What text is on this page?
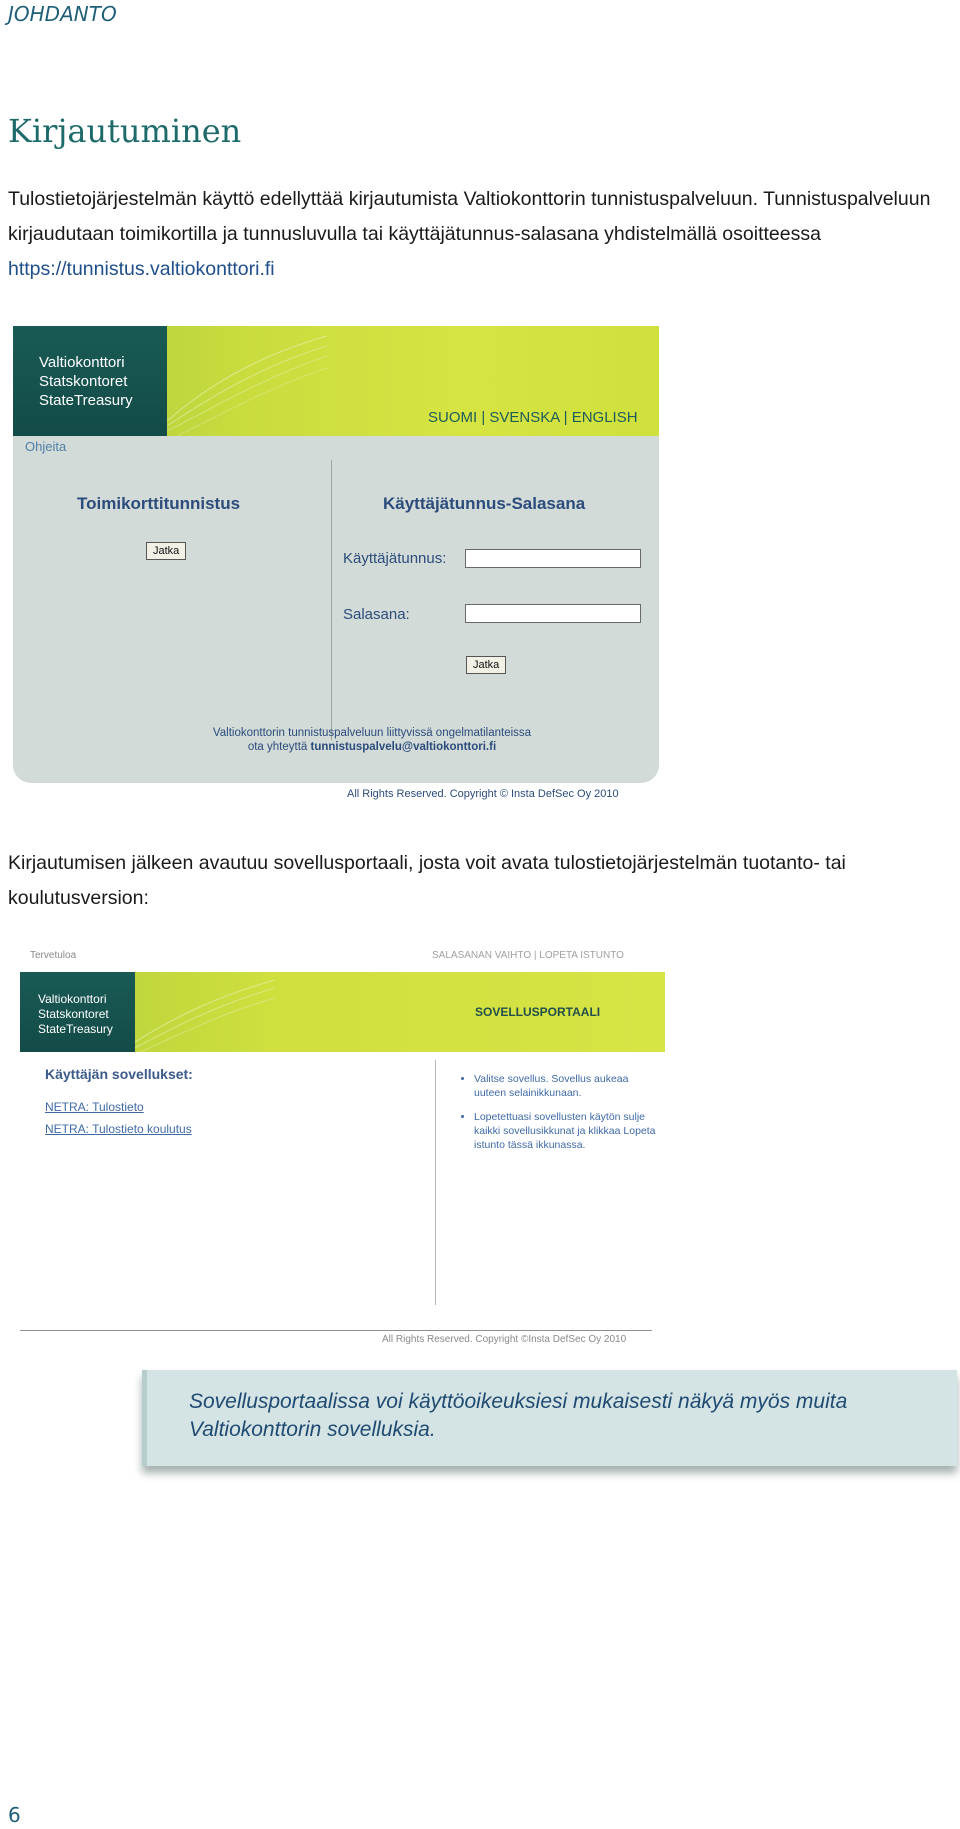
JOHDANTO
Kirjautuminen

Tulostietojärjestelmän käyttö edellyttää kirjautumista Valtiokonttorin tunnistuspalveluun. Tunnistuspalveluun kirjaudutaan toimikortilla ja tunnusluvulla tai käyttäjätunnus-salasana yhdistelmällä osoitteessa https://tunnistus.valtiokonttori.fi

Valtiokonttori
Statskontoret
StateTreasury
SUOMI | SVENSKA | ENGLISH
Ohjeita
Toimikorttitunnistus
Jatka
Käyttäjätunnus-Salasana
Käyttäjätunnus:
Salasana:
Jatka
Valtiokonttorin tunnistuspalveluun liittyvissä ongelmatilanteissa
ota yhteyttä tunnistuspalvelu@valtiokonttori.fi
All Rights Reserved. Copyright © Insta DefSec Oy 2010

Kirjautumisen jälkeen avautuu sovellusportaali, josta voit avata tulostietojärjestelmän tuotanto- tai koulutusversion:

Tervetuloa	SALASANAN VAIHTO | LOPETA ISTUNTO
Valtiokonttori
Statskontoret
StateTreasury
SOVELLUSPORTAALI
Käyttäjän sovellukset:
NETRA: Tulostieto
NETRA: Tulostieto koulutus
• Valitse sovellus. Sovellus aukeaa uuteen selainikkunaan.
• Lopetettuasi sovellusten käytön sulje kaikki sovellusikkunat ja klikkaa Lopeta istunto tässä ikkunassa.
All Rights Reserved. Copyright ©Insta DefSec Oy 2010
Sovellusportaalissa voi käyttöoikeuksiesi mukaisesti näkyä myös muita Valtiokonttorin sovelluksia.
6
